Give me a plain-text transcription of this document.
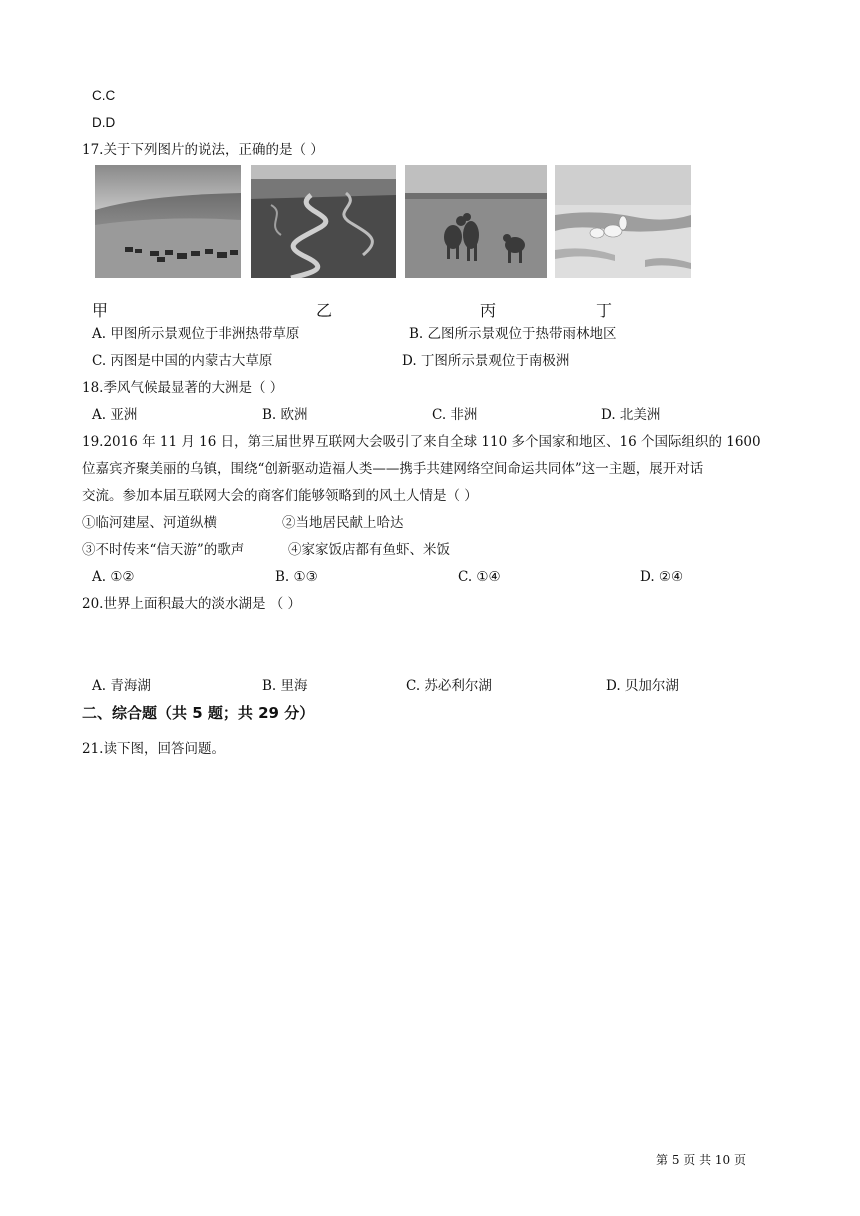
C.C
D.D
17.关于下列图片的说法，正确的是（ ）
甲	乙	丙	丁
A. 甲图所示景观位于非洲热带草原	B. 乙图所示景观位于热带雨林地区
C. 丙图是中国的内蒙古大草原	D. 丁图所示景观位于南极洲
18.季风气候最显著的大洲是（ ）
A. 亚洲	B. 欧洲	C. 非洲	D. 北美洲
19.2016 年 11 月 16 日，第三届世界互联网大会吸引了来自全球 110 多个国家和地区、16 个国际组织的 1600
位嘉宾齐聚美丽的乌镇，围绕“创新驱动造福人类——携手共建网络空间命运共同体”这一主题，展开对话
交流。参加本届互联网大会的商客们能够领略到的风土人情是（ ）
①临河建屋、河道纵横	②当地居民献上哈达
③不时传来“信天游”的歌声	④家家饭店都有鱼虾、米饭
A. ①②	B. ①③	C. ①④	D. ②④
20.世界上面积最大的淡水湖是 （ ）
A. 青海湖	B. 里海	C. 苏必利尔湖	D. 贝加尔湖
二、综合题（共 5 题；共 29 分）
21.读下图，回答问题。
第 5 页 共 10 页
